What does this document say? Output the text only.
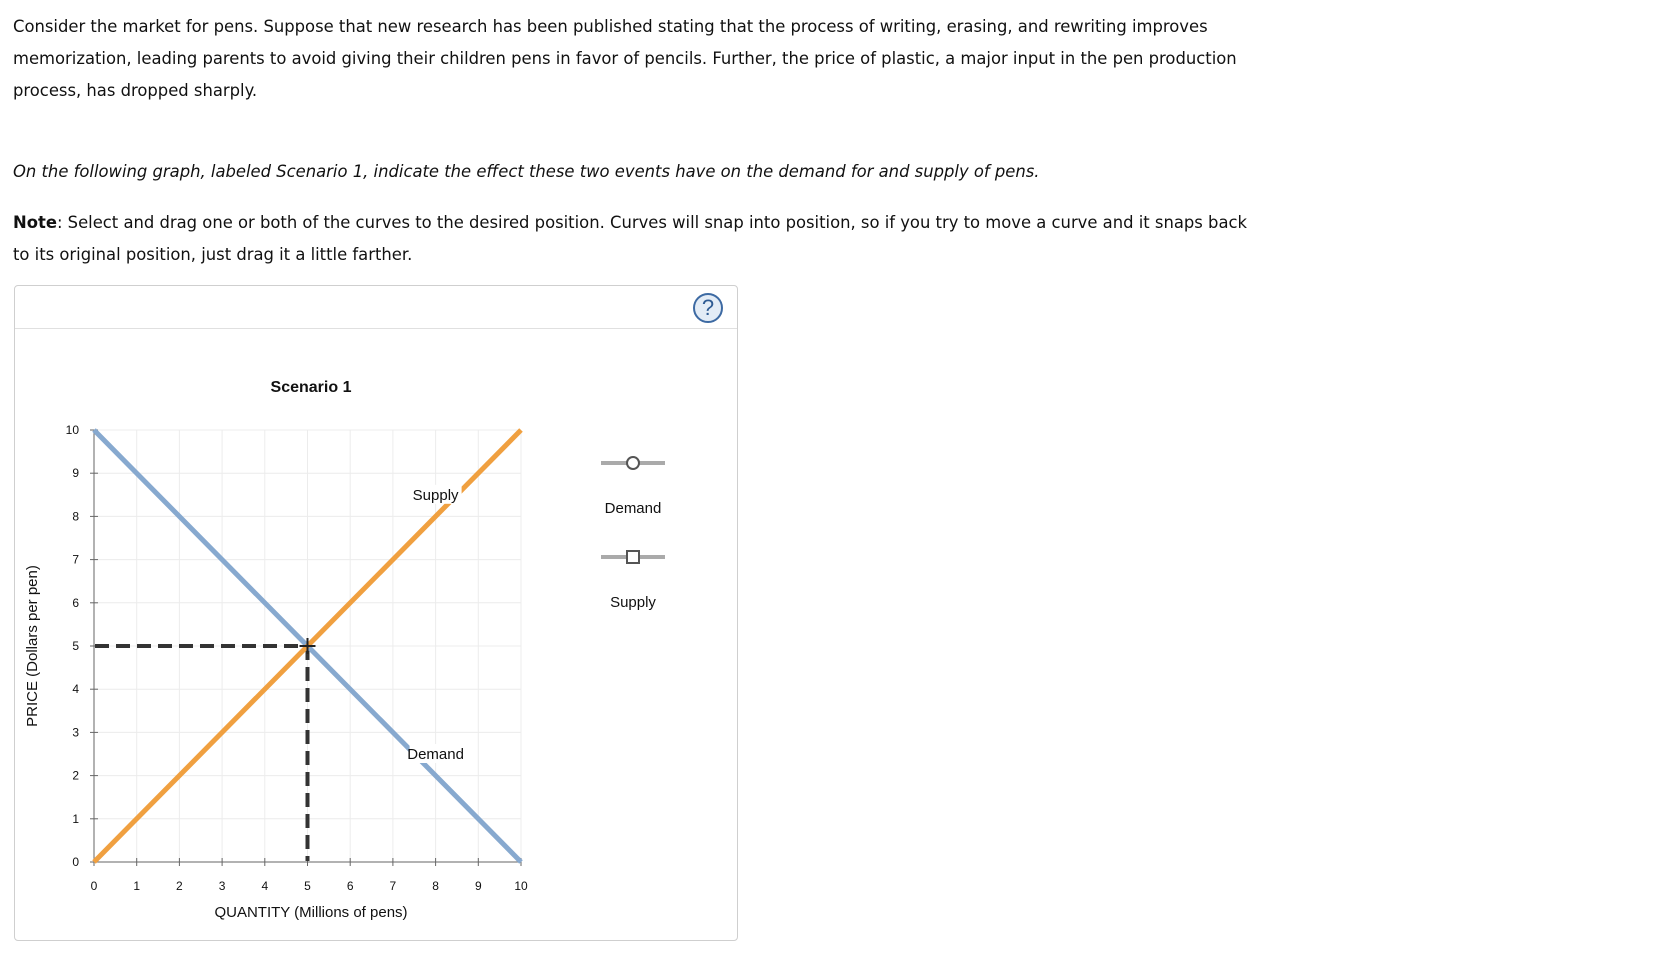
Consider the market for pens. Suppose that new research has been published stating that the process of writing, erasing, and rewriting improves memorization, leading parents to avoid giving their children pens in favor of pencils. Further, the price of plastic, a major input in the pen production process, has dropped sharply.

On the following graph, labeled Scenario 1, indicate the effect these two events have on the demand for and supply of pens.

Note: Select and drag one or both of the curves to the desired position. Curves will snap into position, so if you try to move a curve and it snaps back to its original position, just drag it a little farther.

?
0	1	2	3	4	5	6	7	8	9	10
0
1
2
3
4
5
6
7
8
9
10
Scenario 1
QUANTITY (Millions of pens)
PRICE (Dollars per pen)
Demand
Supply
Demand
Supply
